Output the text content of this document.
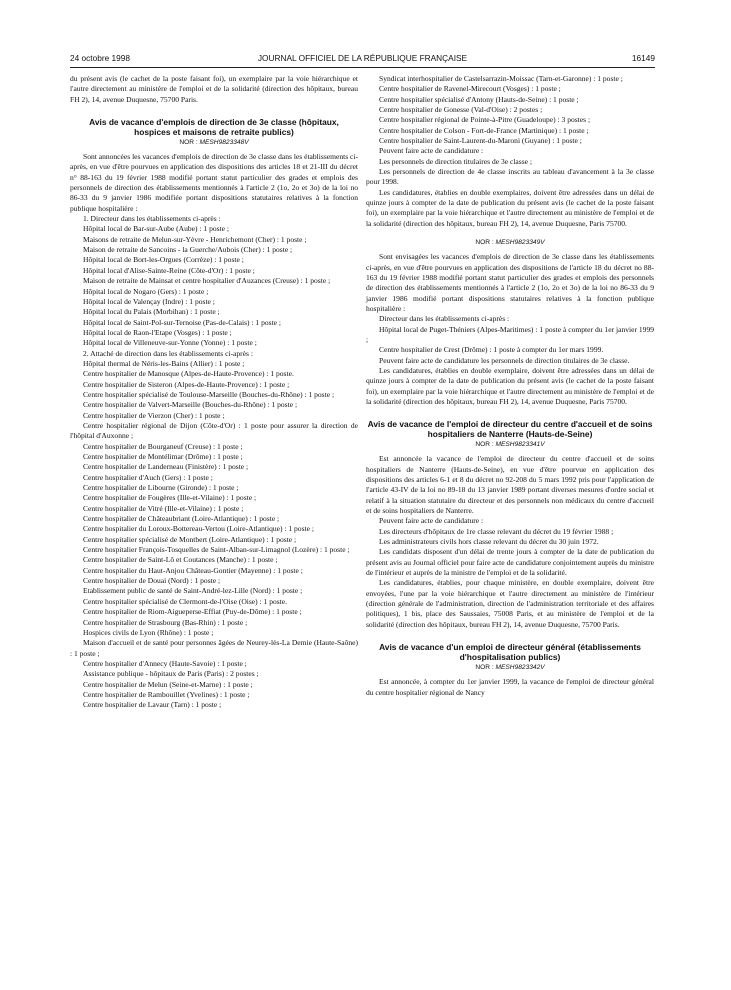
24 octobre 1998	JOURNAL OFFICIEL DE LA RÉPUBLIQUE FRANÇAISE	16149

du présent avis (le cachet de la poste faisant foi), un exemplaire par la voie hiérarchique et l'autre directement au ministère de l'emploi et de la solidarité (direction des hôpitaux, bureau FH 2), 14, avenue Duquesne, 75700 Paris.

Avis de vacance d'emplois de direction de 3e classe (hôpitaux, hospices et maisons de retraite publics)
NOR : MESH9823348V

Sont annoncées les vacances d'emplois de direction de 3e classe dans les établissements ci-après, en vue d'être pourvues en application des dispositions des articles 18 et 21-III du décret n° 88-163 du 19 février 1988 modifié portant statut particulier des grades et emplois des personnels de direction des établissements mentionnés à l'article 2 (1o, 2o et 3o) de la loi no 86-33 du 9 janvier 1986 modifiée portant dispositions statutaires relatives à la fonction publique hospitalière :

1. Directeur dans les établissements ci-après :

Hôpital local de Bar-sur-Aube (Aube) : 1 poste ;

Maisons de retraite de Melun-sur-Yèvre - Henrichemont (Cher) : 1 poste ;

Maison de retraite de Sancoins - la Guerche/Aubois (Cher) : 1 poste ;

Hôpital local de Bort-les-Orgues (Corrèze) : 1 poste ;

Hôpital local d'Alise-Sainte-Reine (Côte-d'Or) : 1 poste ;

Maison de retraite de Mainsat et centre hospitalier d'Auzances (Creuse) : 1 poste ;

Hôpital local de Nogaro (Gers) : 1 poste ;

Hôpital local de Valençay (Indre) : 1 poste ;

Hôpital local du Palais (Morbihan) : 1 poste ;

Hôpital local de Saint-Pol-sur-Ternoise (Pas-de-Calais) : 1 poste ;

Hôpital local de Raon-l'Etape (Vosges) : 1 poste ;

Hôpital local de Villeneuve-sur-Yonne (Yonne) : 1 poste ;

2. Attaché de direction dans les établissements ci-après :

Hôpital thermal de Néris-les-Bains (Allier) : 1 poste ;

Centre hospitalier de Manosque (Alpes-de-Haute-Provence) : 1 poste.

Centre hospitalier de Sisteron (Alpes-de-Haute-Provence) : 1 poste ;

Centre hospitalier spécialisé de Toulouse-Marseille (Bouches-du-Rhône) : 1 poste ;

Centre hospitalier de Valvert-Marseille (Bouches-du-Rhône) : 1 poste ;

Centre hospitalier de Vierzon (Cher) : 1 poste ;

Centre hospitalier régional de Dijon (Côte-d'Or) : 1 poste pour assurer la direction de l'hôpital d'Auxonne ;

Centre hospitalier de Bourganeuf (Creuse) : 1 poste ;

Centre hospitalier de Montélimar (Drôme) : 1 poste ;

Centre hospitalier de Landerneau (Finistère) : 1 poste ;

Centre hospitalier d'Auch (Gers) : 1 poste ;

Centre hospitalier de Libourne (Gironde) : 1 poste ;

Centre hospitalier de Fougères (Ille-et-Vilaine) : 1 poste ;

Centre hospitalier de Vitré (Ille-et-Vilaine) : 1 poste ;

Centre hospitalier de Châteaubriant (Loire-Atlantique) : 1 poste ;

Centre hospitalier du Loroux-Bottereau-Vertou (Loire-Atlantique) : 1 poste ;

Centre hospitalier spécialisé de Montbert (Loire-Atlantique) : 1 poste ;

Centre hospitalier François-Tosquelles de Saint-Alban-sur-Limagnol (Lozère) : 1 poste ;

Centre hospitalier de Saint-Lô et Coutances (Manche) : 1 poste ;

Centre hospitalier du Haut-Anjou Château-Gontier (Mayenne) : 1 poste ;

Centre hospitalier de Douai (Nord) : 1 poste ;

Etablissement public de santé de Saint-André-lez-Lille (Nord) : 1 poste ;

Centre hospitalier spécialisé de Clermont-de-l'Oise (Oise) : 1 poste.

Centre hospitalier de Riom-Aigueperse-Effiat (Puy-de-Dôme) : 1 poste ;

Centre hospitalier de Strasbourg (Bas-Rhin) : 1 poste ;

Hospices civils de Lyon (Rhône) : 1 poste ;

Maison d'accueil et de santé pour personnes âgées de Neurey-lès-La Demie (Haute-Saône) : 1 poste ;

Centre hospitalier d'Annecy (Haute-Savoie) : 1 poste ;

Assistance publique - hôpitaux de Paris (Paris) : 2 postes ;

Centre hospitalier de Melun (Seine-et-Marne) : 1 poste ;

Centre hospitalier de Rambouillet (Yvelines) : 1 poste ;

Centre hospitalier de Lavaur (Tarn) : 1 poste ;

Syndicat interhospitalier de Castelsarrazin-Moissac (Tarn-et-Garonne) : 1 poste ;

Centre hospitalier de Ravenel-Mirecourt (Vosges) : 1 poste ;

Centre hospitalier spécialisé d'Antony (Hauts-de-Seine) : 1 poste ;

Centre hospitalier de Gonesse (Val-d'Oise) : 2 postes ;

Centre hospitalier régional de Pointe-à-Pitre (Guadeloupe) : 3 postes ;

Centre hospitalier de Colson - Fort-de-France (Martinique) : 1 poste ;

Centre hospitalier de Saint-Laurent-du-Maroni (Guyane) : 1 poste ;

Peuvent faire acte de candidature :

Les personnels de direction titulaires de 3e classe ;

Les personnels de direction de 4e classe inscrits au tableau d'avancement à la 3e classe pour 1998.

Les candidatures, établies en double exemplaires, doivent être adressées dans un délai de quinze jours à compter de la date de publication du présent avis (le cachet de la poste faisant foi), un exemplaire par la voie hiérarchique et l'autre directement au ministère de l'emploi et de la solidarité (direction des hôpitaux, bureau FH 2), 14, avenue Duquesne, Paris 75700.

NOR : MESH9823349V

Sont envisagées les vacances d'emplois de direction de 3e classe dans les établissements ci-après, en vue d'être pourvues en application des dispositions de l'article 18 du décret no 88-163 du 19 février 1988 modifié portant statut particulier des grades et emplois des personnels de direction des établissements mentionnés à l'article 2 (1o, 2o et 3o) de la loi no 86-33 du 9 janvier 1986 modifié portant dispositions statutaires relatives à la fonction publique hospitalière :

Directeur dans les établissements ci-après :

Hôpital local de Puget-Théniers (Alpes-Maritimes) : 1 poste à compter du 1er janvier 1999 ;

Centre hospitalier de Crest (Drôme) : 1 poste à compter du 1er mars 1999.

Peuvent faire acte de candidature les personnels de direction titulaires de 3e classe.

Les candidatures, établies en double exemplaire, doivent être adressées dans un délai de quinze jours à compter de la date de publication du présent avis (le cachet de la poste faisant foi), un exemplaire par la voie hiérarchique et l'autre directement au ministère de l'emploi et de la solidarité (direction des hôpitaux, bureau FH 2), 14, avenue Duquesne, Paris 75700.

Avis de vacance de l'emploi de directeur du centre d'accueil et de soins hospitaliers de Nanterre (Hauts-de-Seine)
NOR : MESH9823341V

Est annoncée la vacance de l'emploi de directeur du centre d'accueil et de soins hospitaliers de Nanterre (Hauts-de-Seine), en vue d'être pourvue en application des dispositions des articles 6-1 et 8 du décret no 92-208 du 5 mars 1992 pris pour l'application de l'article 43-IV de la loi no 89-18 du 13 janvier 1989 portant diverses mesures d'ordre social et relatif à la situation statutaire du directeur et des personnels non médicaux du centre d'accueil et de soins hospitaliers de Nanterre.

Peuvent faire acte de candidature :

Les directeurs d'hôpitaux de 1re classe relevant du décret du 19 février 1988 ;

Les administrateurs civils hors classe relevant du décret du 30 juin 1972.

Les candidats disposent d'un délai de trente jours à compter de la date de publication du présent avis au Journal officiel pour faire acte de candidature conjointement auprès du ministre de l'intérieur et auprès de la ministre de l'emploi et de la solidarité.

Les candidatures, établies, pour chaque ministère, en double exemplaire, doivent être envoyées, l'une par la voie hiérarchique et l'autre directement au ministère de l'intérieur (direction générale de l'administration, direction de l'administration territoriale et des affaires politiques), 1 bis, place des Saussaies, 75008 Paris, et au ministère de l'emploi et de la solidarité (direction des hôpitaux, bureau FH 2), 14, avenue Duquesne, 75700 Paris.

Avis de vacance d'un emploi de directeur général (établissements d'hospitalisation publics)
NOR : MESH9823342V

Est annoncée, à compter du 1er janvier 1999, la vacance de l'emploi de directeur général du centre hospitalier régional de Nancy
